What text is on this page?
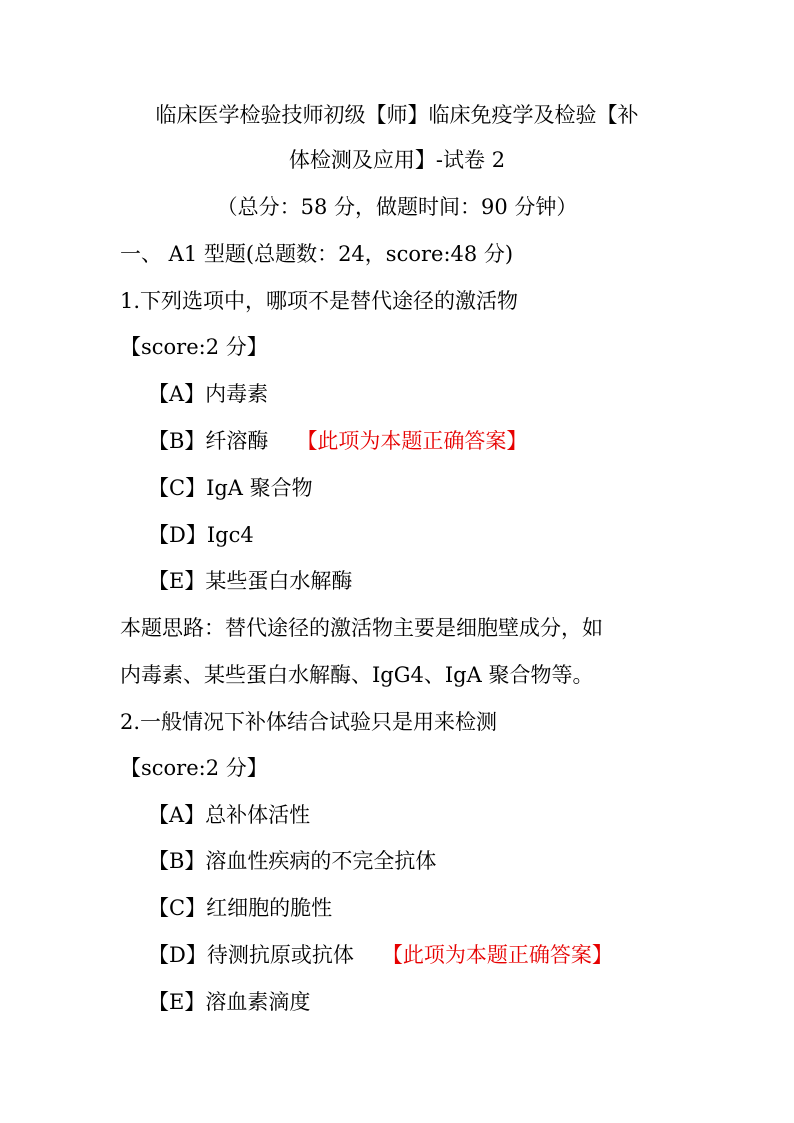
临床医学检验技师初级【师】临床免疫学及检验【补
体检测及应用】-试卷 2
（总分：58 分，做题时间：90 分钟）
一、 A1 型题(总题数：24，score:48 分)
1.下列选项中，哪项不是替代途径的激活物
【score:2 分】
【A】内毒素
【B】纤溶酶 【此项为本题正确答案】
【C】IgA 聚合物
【D】Igc4
【E】某些蛋白水解酶
本题思路：替代途径的激活物主要是细胞壁成分，如
内毒素、某些蛋白水解酶、IgG4、IgA 聚合物等。
2.一般情况下补体结合试验只是用来检测
【score:2 分】
【A】总补体活性
【B】溶血性疾病的不完全抗体
【C】红细胞的脆性
【D】待测抗原或抗体 【此项为本题正确答案】
【E】溶血素滴度
